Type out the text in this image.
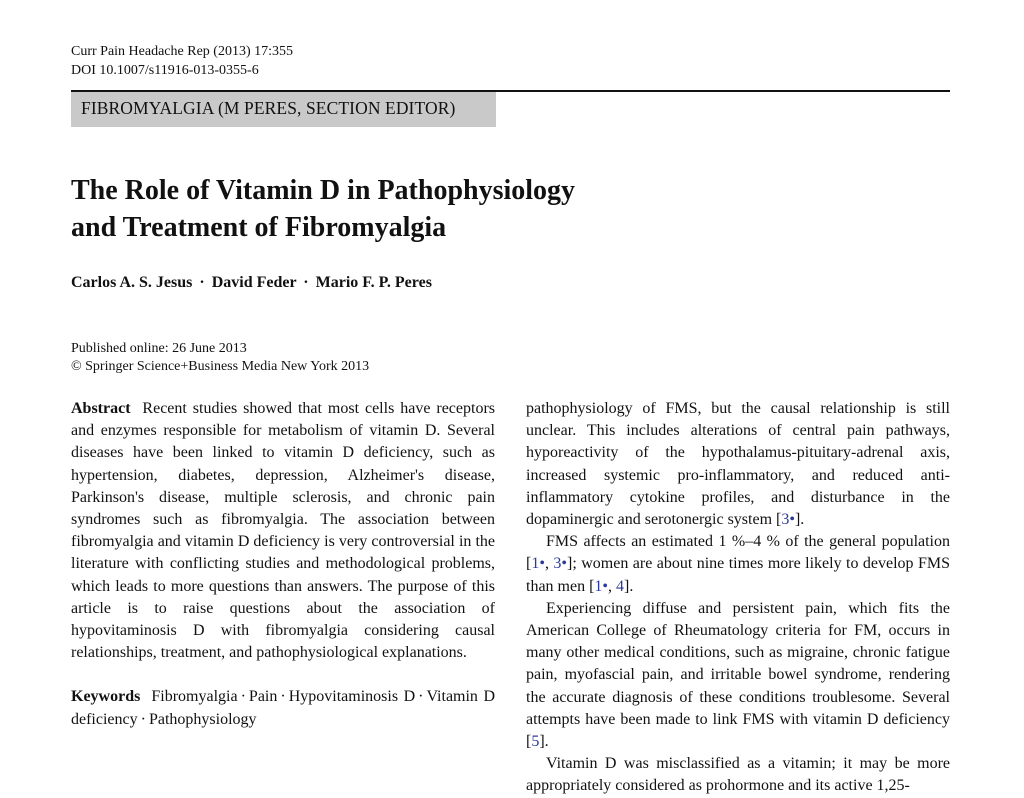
Curr Pain Headache Rep (2013) 17:355
DOI 10.1007/s11916-013-0355-6
FIBROMYALGIA (M PERES, SECTION EDITOR)
The Role of Vitamin D in Pathophysiology
and Treatment of Fibromyalgia
Carlos A. S. Jesus · David Feder · Mario F. P. Peres
Published online: 26 June 2013
© Springer Science+Business Media New York 2013

Abstract Recent studies showed that most cells have receptors and enzymes responsible for metabolism of vitamin D. Several diseases have been linked to vitamin D deficiency, such as hypertension, diabetes, depression, Alzheimer's disease, Parkinson's disease, multiple sclerosis, and chronic pain syndromes such as fibromyalgia. The association between fibromyalgia and vitamin D deficiency is very controversial in the literature with conflicting studies and methodological problems, which leads to more questions than answers. The purpose of this article is to raise questions about the association of hypovitaminosis D with fibromyalgia considering causal relationships, treatment, and pathophysiological explanations.

Keywords Fibromyalgia · Pain · Hypovitaminosis D · Vitamin D deficiency · Pathophysiology

pathophysiology of FMS, but the causal relationship is still unclear. This includes alterations of central pain pathways, hyporeactivity of the hypothalamus-pituitary-adrenal axis, increased systemic pro-inflammatory, and reduced anti-inflammatory cytokine profiles, and disturbance in the dopaminergic and serotonergic system [3•].

FMS affects an estimated 1 %–4 % of the general population [1•, 3•]; women are about nine times more likely to develop FMS than men [1•, 4].

Experiencing diffuse and persistent pain, which fits the American College of Rheumatology criteria for FM, occurs in many other medical conditions, such as migraine, chronic fatigue pain, myofascial pain, and irritable bowel syndrome, rendering the accurate diagnosis of these conditions troublesome. Several attempts have been made to link FMS with vitamin D deficiency [5].

Vitamin D was misclassified as a vitamin; it may be more appropriately considered as prohormone and its active 1,25-
